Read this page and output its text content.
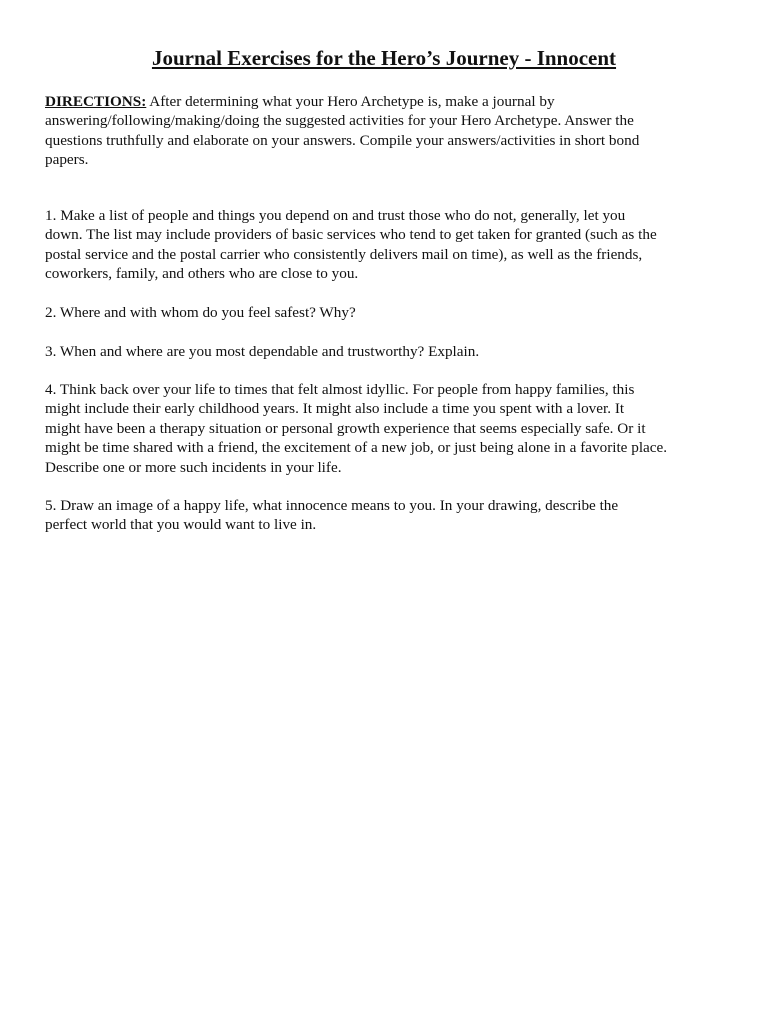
Journal Exercises for the Hero’s Journey - Innocent

DIRECTIONS: After determining what your Hero Archetype is, make a journal by
answering/following/making/doing the suggested activities for your Hero Archetype. Answer the
questions truthfully and elaborate on your answers. Compile your answers/activities in short bond
papers.

1. Make a list of people and things you depend on and trust those who do not, generally, let you
down. The list may include providers of basic services who tend to get taken for granted (such as the
postal service and the postal carrier who consistently delivers mail on time), as well as the friends,
coworkers, family, and others who are close to you.

2. Where and with whom do you feel safest? Why?

3. When and where are you most dependable and trustworthy? Explain.

4. Think back over your life to times that felt almost idyllic. For people from happy families, this
might include their early childhood years. It might also include a time you spent with a lover. It
might have been a therapy situation or personal growth experience that seems especially safe. Or it
might be time shared with a friend, the excitement of a new job, or just being alone in a favorite place.
Describe one or more such incidents in your life.

5. Draw an image of a happy life, what innocence means to you. In your drawing, describe the
perfect world that you would want to live in.
